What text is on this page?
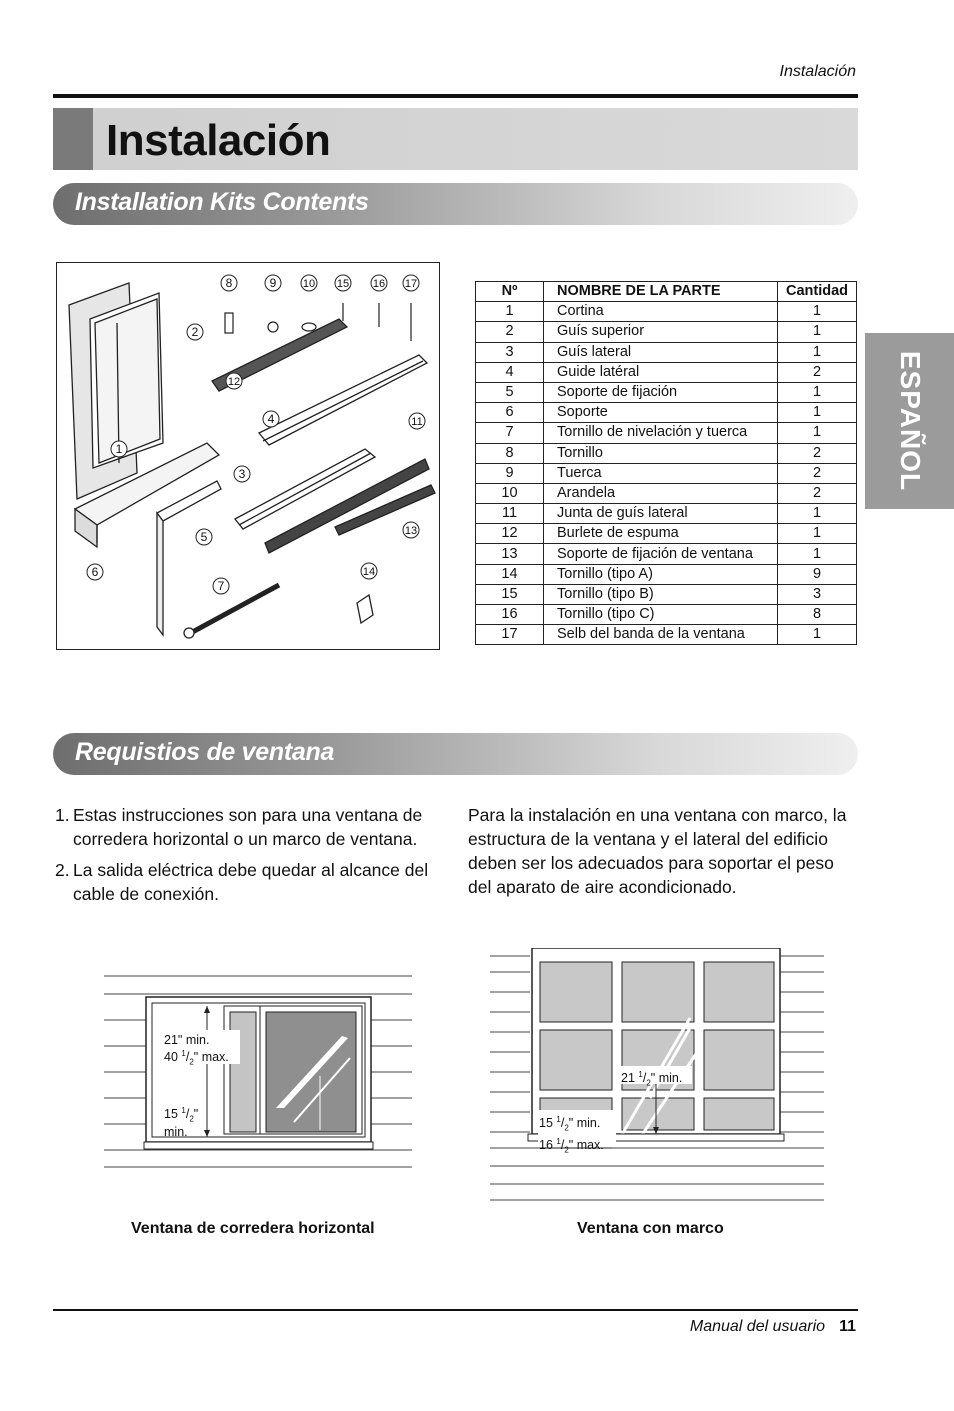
Instalación
Instalación
ESPAÑOL
Installation Kits Contents
1
2
3
4
5
6
7
8	9 10
11
12
13
14
15 16 17	Nº	NOMBRE DE LA PARTE	Cantidad
1	Cortina	1
2	Guís superior	1
3	Guís lateral	1
4	Guide latéral	2
5	Soporte de fijación	1
6	Soporte	1
7	Tornillo de nivelación y tuerca	1
8	Tornillo	2
9	Tuerca	2
10	Arandela	2
11	Junta de guís lateral	1
12	Burlete de espuma	1
13	Soporte de fijación de ventana	1
14	Tornillo (tipo A)	9
15	Tornillo (tipo B)	3
16	Tornillo (tipo C)	8
17	Selb del banda de la ventana	1
Requistios de ventana
1. Estas instrucciones son para una ventana de corredera horizontal o un marco de ventana.
2. La salida eléctrica debe quedar al alcance del cable de conexión.
Para la instalación en una ventana con marco, la estructura de la ventana y el lateral del edificio deben ser los adecuados para soportar el peso del aparato de aire acondicionado.
21" min.
40 $^1/_2$" max.
15 $^1/_2$"
min.
Ventana de corredera horizontal
21 $^1/_2$" min.
15 $^1/_2$" min.
16 $^1/_2$" max.
Ventana con marco
Manual del usuario 11
